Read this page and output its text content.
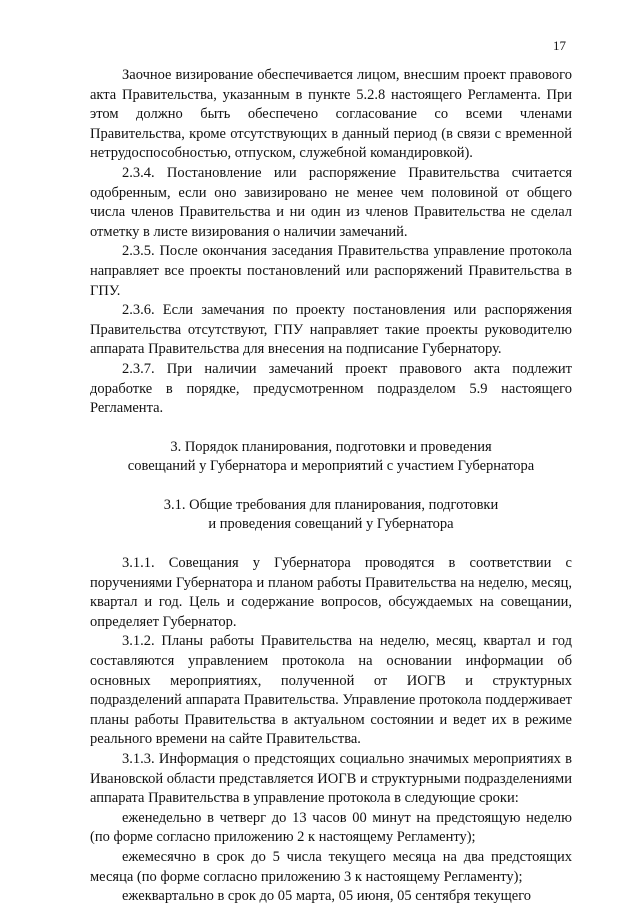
17

Заочное визирование обеспечивается лицом, внесшим проект правового акта Правительства, указанным в пункте 5.2.8 настоящего Регламента. При этом должно быть обеспечено согласование со всеми членами Правительства, кроме отсутствующих в данный период (в связи с временной нетрудоспособностью, отпуском, служебной командировкой).

2.3.4. Постановление или распоряжение Правительства считается одобренным, если оно завизировано не менее чем половиной от общего числа членов Правительства и ни один из членов Правительства не сделал отметку в листе визирования о наличии замечаний.

2.3.5. После окончания заседания Правительства управление протокола направляет все проекты постановлений или распоряжений Правительства в ГПУ.

2.3.6. Если замечания по проекту постановления или распоряжения Правительства отсутствуют, ГПУ направляет такие проекты руководителю аппарата Правительства для внесения на подписание Губернатору.

2.3.7. При наличии замечаний проект правового акта подлежит доработке в порядке, предусмотренном подразделом 5.9 настоящего Регламента.

3. Порядок планирования, подготовки и проведения
совещаний у Губернатора и мероприятий с участием Губернатора
3.1. Общие требования для планирования, подготовки
и проведения совещаний у Губернатора

3.1.1. Совещания у Губернатора проводятся в соответствии с поручениями Губернатора и планом работы Правительства на неделю, месяц, квартал и год. Цель и содержание вопросов, обсуждаемых на совещании, определяет Губернатор.

3.1.2. Планы работы Правительства на неделю, месяц, квартал и год составляются управлением протокола на основании информации об основных мероприятиях, полученной от ИОГВ и структурных подразделений аппарата Правительства. Управление протокола поддерживает планы работы Правительства в актуальном состоянии и ведет их в режиме реального времени на сайте Правительства.

3.1.3. Информация о предстоящих социально значимых мероприятиях в Ивановской области представляется ИОГВ и структурными подразделениями аппарата Правительства в управление протокола в следующие сроки:

еженедельно в четверг до 13 часов 00 минут на предстоящую неделю (по форме согласно приложению 2 к настоящему Регламенту);

ежемесячно в срок до 5 числа текущего месяца на два предстоящих месяца (по форме согласно приложению 3 к настоящему Регламенту);

ежеквартально в срок до 05 марта, 05 июня, 05 сентября текущего
